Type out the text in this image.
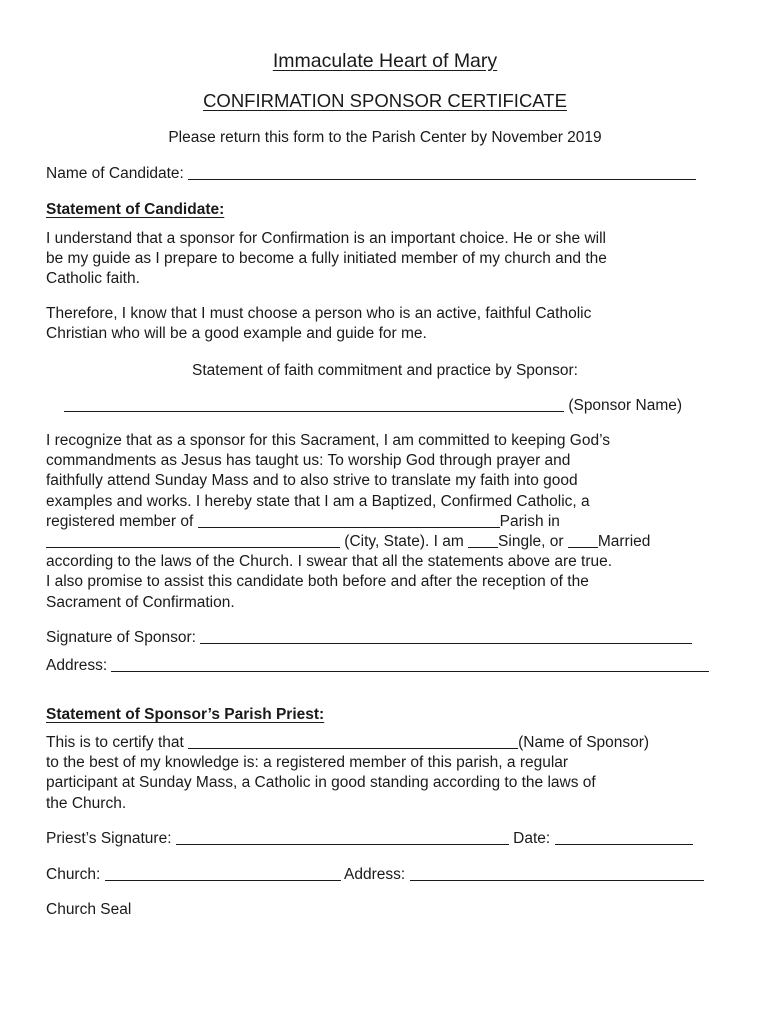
Immaculate Heart of Mary
CONFIRMATION SPONSOR CERTIFICATE
Please return this form to the Parish Center by November 2019
Name of Candidate:
Statement of Candidate:
I understand that a sponsor for Confirmation is an important choice. He or she will
be my guide as I prepare to become a fully initiated member of my church and the
Catholic faith.
Therefore, I know that I must choose a person who is an active, faithful Catholic
Christian who will be a good example and guide for me.
Statement of faith commitment and practice by Sponsor:
(Sponsor Name)
I recognize that as a sponsor for this Sacrament, I am committed to keeping God’s
commandments as Jesus has taught us: To worship God through prayer and
faithfully attend Sunday Mass and to also strive to translate my faith into good
examples and works. I hereby state that I am a Baptized, Confirmed Catholic, a
registered member of	Parish in
(City, State). I am Single, or Married
according to the laws of the Church. I swear that all the statements above are true.
I also promise to assist this candidate both before and after the reception of the
Sacrament of Confirmation.
Signature of Sponsor:
Address:
Statement of Sponsor’s Parish Priest:
This is to certify that	(Name of Sponsor)
to the best of my knowledge is: a registered member of this parish, a regular
participant at Sunday Mass, a Catholic in good standing according to the laws of
the Church.
Priest’s Signature:	Date:
Church:	Address:
Church Seal
